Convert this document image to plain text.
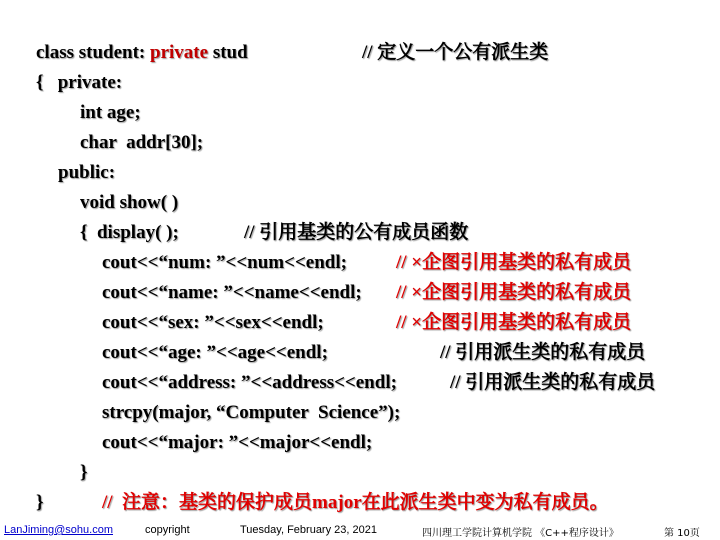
class student: private stud	// 定义一个公有派生类
{   private:
int age;
char  addr[30];
public:
void show( )
{  display( );	// 引用基类的公有成员函数
cout<<“num: ”<<num<<endl;	// ×企图引用基类的私有成员
cout<<“name: ”<<name<<endl; // ×企图引用基类的私有成员
cout<<“sex: ”<<sex<<endl;	// ×企图引用基类的私有成员
cout<<“age: ”<<age<<endl;	// 引用派生类的私有成员
cout<<“address: ”<<address<<endl;	// 引用派生类的私有成员
strcpy(major, “Computer  Science”);
cout<<“major: ”<<major<<endl;
}
}	//  注意：基类的保护成员major在此派生类中变为私有成员。
LanJiming@sohu.com	copyright	Tuesday, February 23, 2021	四川理工学院计算机学院 《C++程序设计》	第 10页
